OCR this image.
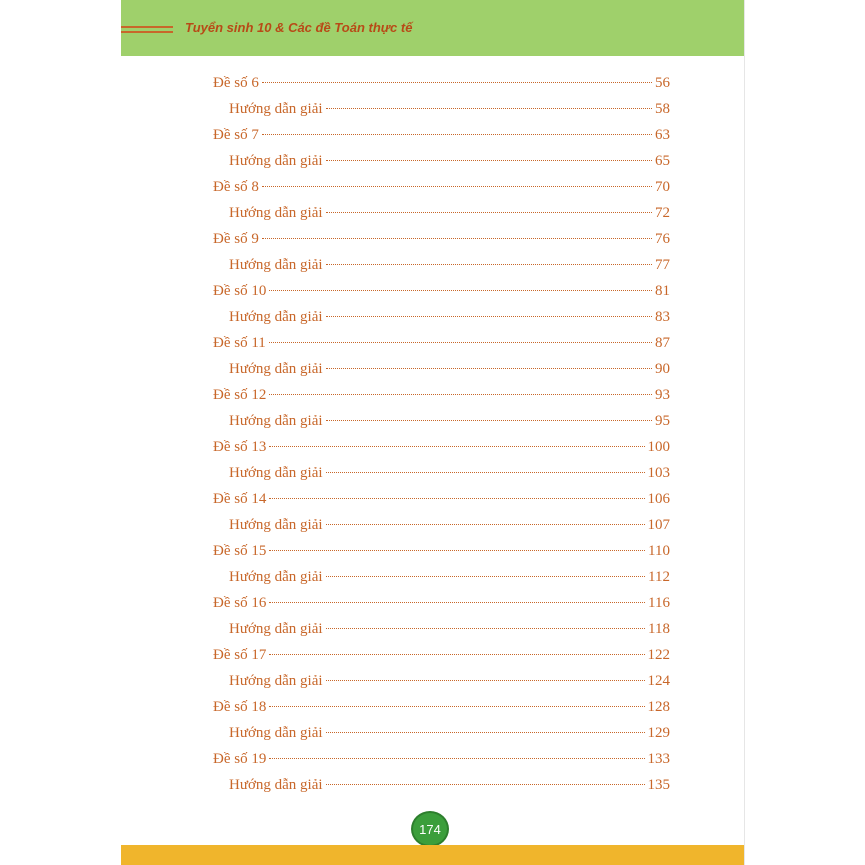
Tuyển sinh 10 & Các đề Toán thực tế
Đề số 6	56
Hướng dẫn giải	58
Đề số 7	63
Hướng dẫn giải	65
Đề số 8	70
Hướng dẫn giải	72
Đề số 9	76
Hướng dẫn giải	77
Đề số 10	81
Hướng dẫn giải	83
Đề số 11	87
Hướng dẫn giải	90
Đề số 12	93
Hướng dẫn giải	95
Đề số 13	100
Hướng dẫn giải	103
Đề số 14	106
Hướng dẫn giải	107
Đề số 15	110
Hướng dẫn giải	112
Đề số 16	116
Hướng dẫn giải	118
Đề số 17	122
Hướng dẫn giải	124
Đề số 18	128
Hướng dẫn giải	129
Đề số 19	133
Hướng dẫn giải	135
174
